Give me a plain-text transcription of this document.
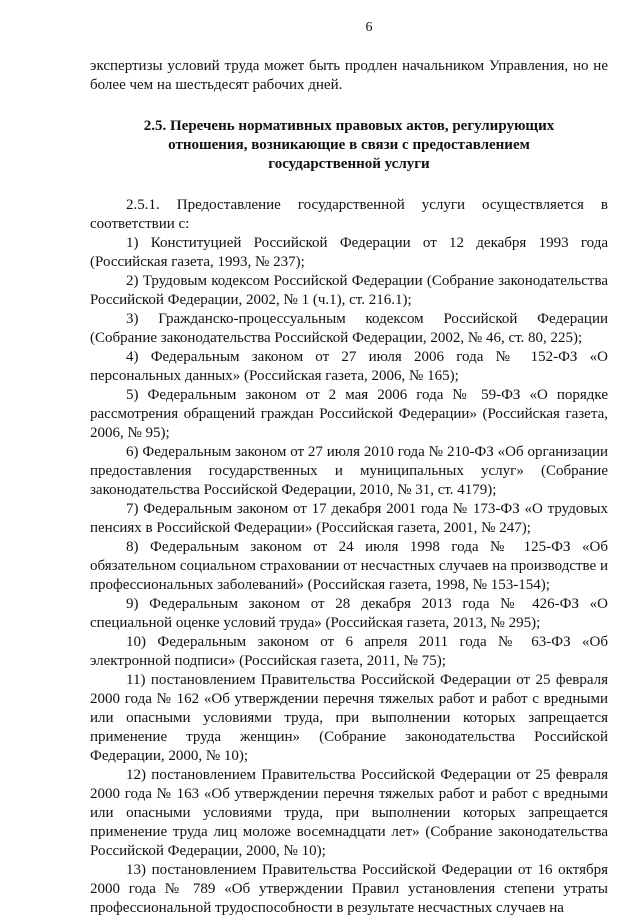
6

экспертизы условий труда может быть продлен начальником Управления, но не более чем на шестьдесят рабочих дней.

2.5. Перечень нормативных правовых актов, регулирующих
отношения, возникающие в связи с предоставлением
государственной услуги

2.5.1. Предоставление государственной услуги осуществляется в соответствии с:

1) Конституцией Российской Федерации от 12 декабря 1993 года (Российская газета, 1993, № 237);

2) Трудовым кодексом Российской Федерации (Собрание законодательства Российской Федерации, 2002, № 1 (ч.1), ст. 216.1);

3) Гражданско-процессуальным кодексом Российской Федерации (Собрание законодательства Российской Федерации, 2002, № 46, ст. 80, 225);

4) Федеральным законом от 27 июля 2006 года № 152-ФЗ «О персональных данных» (Российская газета, 2006, № 165);

5) Федеральным законом от 2 мая 2006 года № 59-ФЗ «О порядке рассмотрения обращений граждан Российской Федерации» (Российская газета, 2006, № 95);

6) Федеральным законом от 27 июля 2010 года № 210-ФЗ «Об организации предоставления государственных и муниципальных услуг» (Собрание законодательства Российской Федерации, 2010, № 31, ст. 4179);

7) Федеральным законом от 17 декабря 2001 года № 173-ФЗ «О трудовых пенсиях в Российской Федерации» (Российская газета, 2001, № 247);

8) Федеральным законом от 24 июля 1998 года № 125-ФЗ «Об обязательном социальном страховании от несчастных случаев на производстве и профессиональных заболеваний» (Российская газета, 1998, № 153-154);

9) Федеральным законом от 28 декабря 2013 года № 426-ФЗ «О специальной оценке условий труда» (Российская газета, 2013, № 295);

10) Федеральным законом от 6 апреля 2011 года № 63-ФЗ «Об электронной подписи» (Российская газета, 2011, № 75);

11) постановлением Правительства Российской Федерации от 25 февраля 2000 года № 162 «Об утверждении перечня тяжелых работ и работ с вредными или опасными условиями труда, при выполнении которых запрещается применение труда женщин» (Собрание законодательства Российской Федерации, 2000, № 10);

12) постановлением Правительства Российской Федерации от 25 февраля 2000 года № 163 «Об утверждении перечня тяжелых работ и работ с вредными или опасными условиями труда, при выполнении которых запрещается применение труда лиц моложе восемнадцати лет» (Собрание законодательства Российской Федерации, 2000, № 10);

13) постановлением Правительства Российской Федерации от 16 октября 2000 года № 789 «Об утверждении Правил установления степени утраты профессиональной трудоспособности в результате несчастных случаев на
